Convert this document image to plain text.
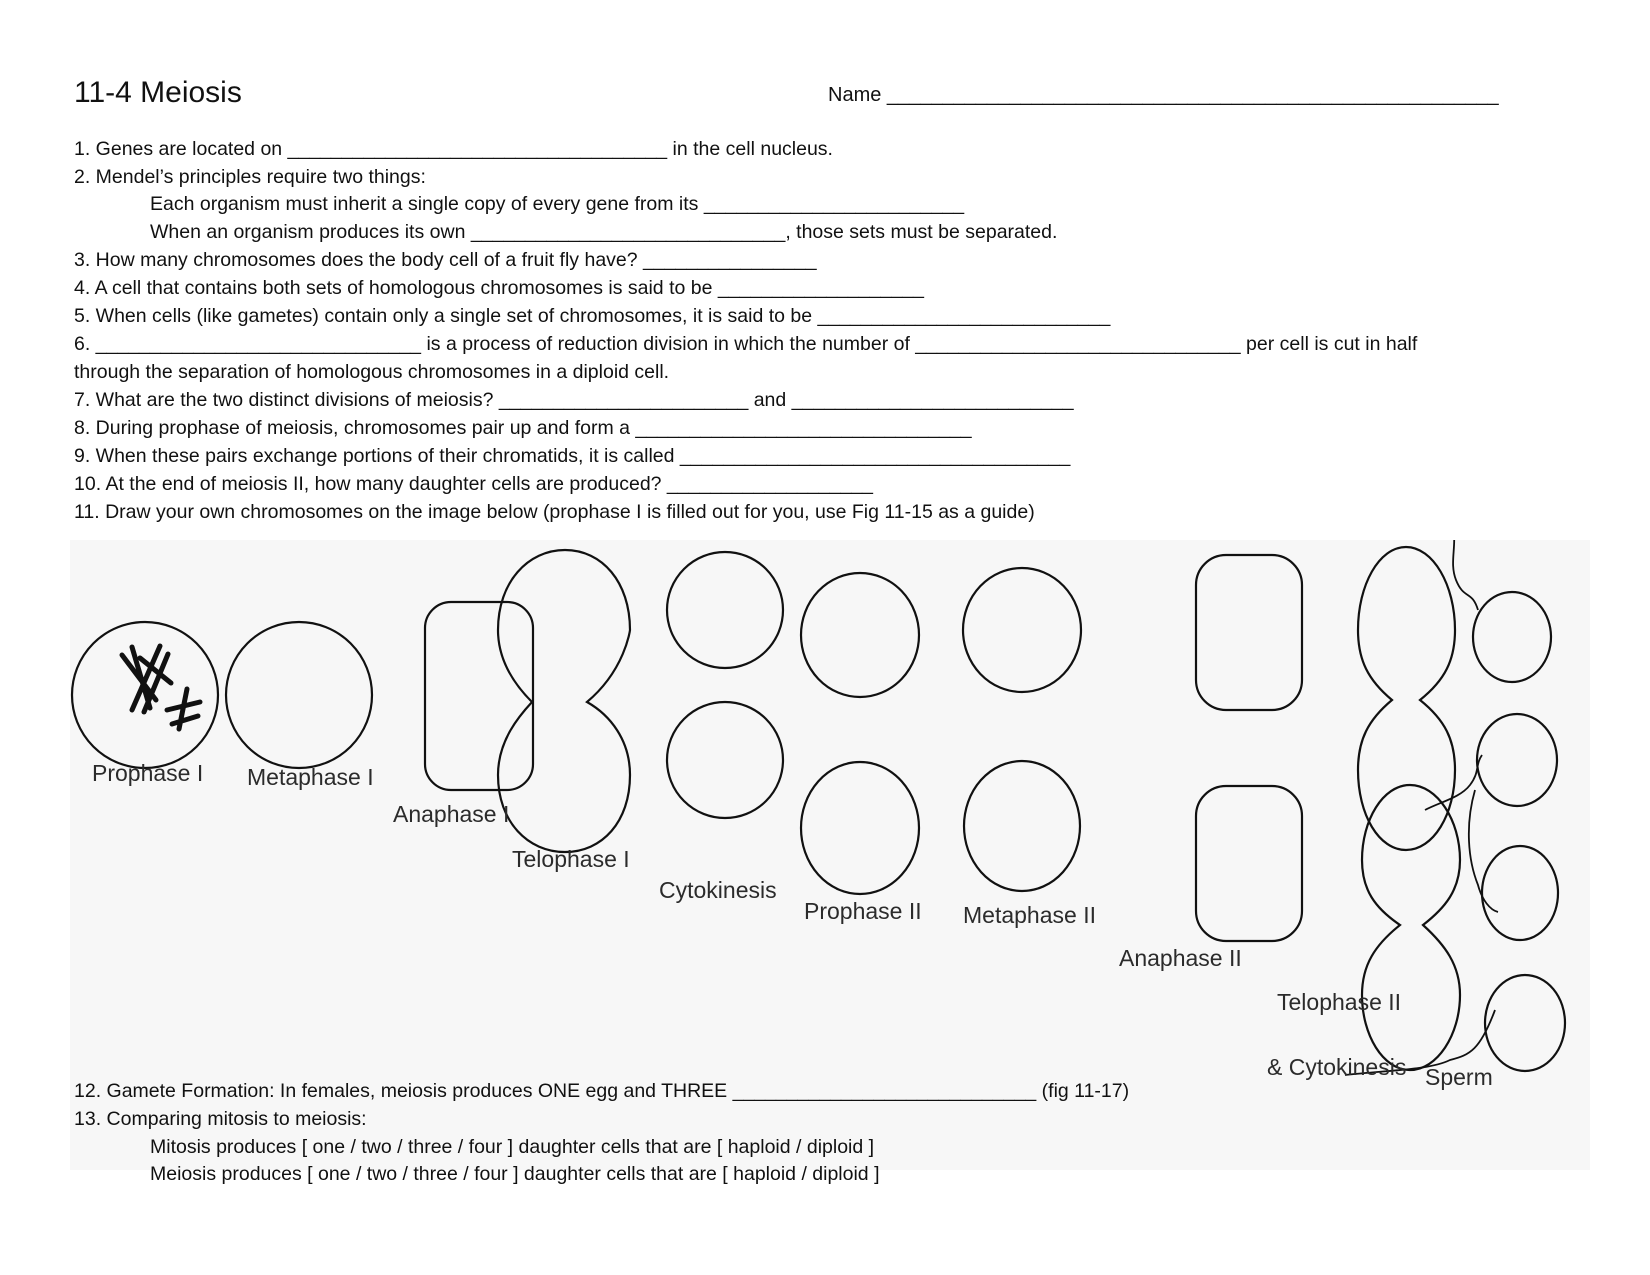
11-4 Meiosis	Name _______________________________________________________
1. Genes are located on ___________________________________ in the cell nucleus.
2. Mendel’s principles require two things:
Each organism must inherit a single copy of every gene from its ________________________
When an organism produces its own _____________________________, those sets must be separated.
3. How many chromosomes does the body cell of a fruit fly have? ________________
4. A cell that contains both sets of homologous chromosomes is said to be ___________________
5. When cells (like gametes) contain only a single set of chromosomes, it is said to be ___________________________
6. ______________________________ is a process of reduction division in which the number of ______________________________ per cell is cut in half
through the separation of homologous chromosomes in a diploid cell.
7. What are the two distinct divisions of meiosis? _______________________ and __________________________
8. During prophase of meiosis, chromosomes pair up and form a _______________________________
9. When these pairs exchange portions of their chromatids, it is called ____________________________________
10. At the end of meiosis II, how many daughter cells are produced? ___________________
11. Draw your own chromosomes on the image below (prophase I is filled out for you, use Fig 11-15 as a guide)
Prophase I Metaphase I
Anaphase I
Telophase I
Cytokinesis
Prophase II Metaphase II
Anaphase II
Telophase II
& Cytokinesis Sperm
12. Gamete Formation: In females, meiosis produces ONE egg and THREE ____________________________ (fig 11-17)
13. Comparing mitosis to meiosis:
Mitosis produces [ one / two / three / four ] daughter cells that are [ haploid / diploid ]
Meiosis produces [ one / two / three / four ] daughter cells that are [ haploid / diploid ]
